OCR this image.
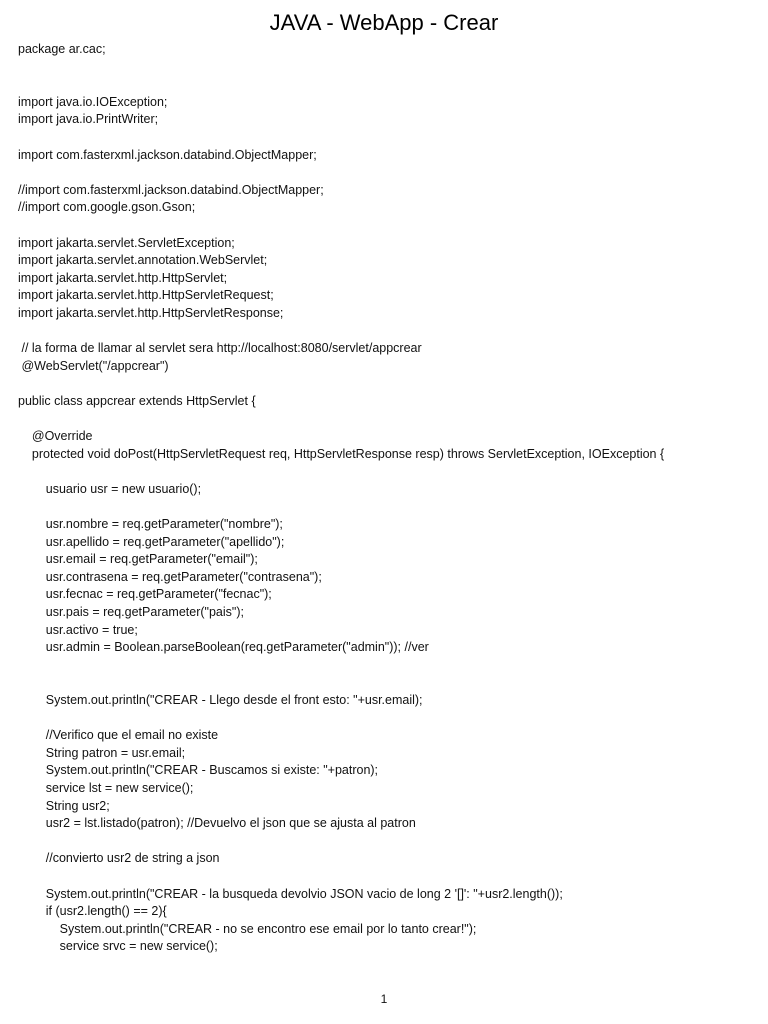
JAVA - WebApp - Crear
package ar.cac;
import java.io.IOException;
import java.io.PrintWriter;
import com.fasterxml.jackson.databind.ObjectMapper;
//import com.fasterxml.jackson.databind.ObjectMapper;
//import com.google.gson.Gson;
import jakarta.servlet.ServletException;
import jakarta.servlet.annotation.WebServlet;
import jakarta.servlet.http.HttpServlet;
import jakarta.servlet.http.HttpServletRequest;
import jakarta.servlet.http.HttpServletResponse;
// la forma de llamar al servlet sera http://localhost:8080/servlet/appcrear
@WebServlet("/appcrear")
public class appcrear extends HttpServlet {
@Override
protected void doPost(HttpServletRequest req, HttpServletResponse resp) throws ServletException, IOException {
usuario usr = new usuario();
usr.nombre = req.getParameter("nombre");
usr.apellido = req.getParameter("apellido");
usr.email = req.getParameter("email");
usr.contrasena = req.getParameter("contrasena");
usr.fecnac = req.getParameter("fecnac");
usr.pais = req.getParameter("pais");
usr.activo = true;
usr.admin = Boolean.parseBoolean(req.getParameter("admin")); //ver
System.out.println("CREAR - Llego desde el front esto: "+usr.email);
//Verifico que el email no existe
String patron = usr.email;
System.out.println("CREAR - Buscamos si existe: "+patron);
service lst = new service();
String usr2;
usr2 = lst.listado(patron); //Devuelvo el json que se ajusta al patron
//convierto usr2 de string a json
System.out.println("CREAR - la busqueda devolvio JSON vacio de long 2 '[]': "+usr2.length());
if (usr2.length() == 2){
System.out.println("CREAR - no se encontro ese email por lo tanto crear!");
service srvc = new service();
1
